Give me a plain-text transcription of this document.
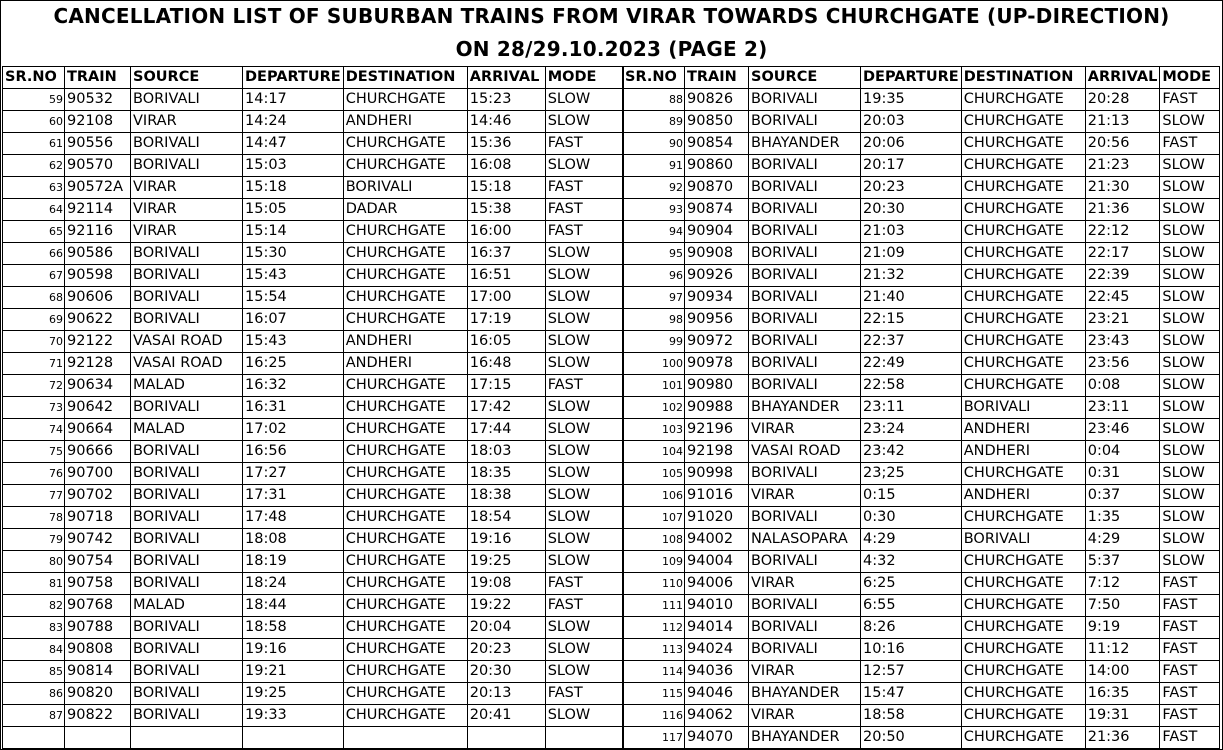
CANCELLATION LIST OF SUBURBAN TRAINS FROM VIRAR TOWARDS CHURCHGATE (UP-DIRECTION)
ON 28/29.10.2023 (PAGE 2)
SR.NO	TRAIN	SOURCE	DEPARTURE	DESTINATION	ARRIVAL	MODE
59	90532	BORIVALI	14:17	CHURCHGATE	15:23	SLOW
60	92108	VIRAR	14:24	ANDHERI	14:46	SLOW
61	90556	BORIVALI	14:47	CHURCHGATE	15:36	FAST
62	90570	BORIVALI	15:03	CHURCHGATE	16:08	SLOW
63	90572A	VIRAR	15:18	BORIVALI	15:18	FAST
64	92114	VIRAR	15:05	DADAR	15:38	FAST
65	92116	VIRAR	15:14	CHURCHGATE	16:00	FAST
66	90586	BORIVALI	15:30	CHURCHGATE	16:37	SLOW
67	90598	BORIVALI	15:43	CHURCHGATE	16:51	SLOW
68	90606	BORIVALI	15:54	CHURCHGATE	17:00	SLOW
69	90622	BORIVALI	16:07	CHURCHGATE	17:19	SLOW
70	92122	VASAI ROAD	15:43	ANDHERI	16:05	SLOW
71	92128	VASAI ROAD	16:25	ANDHERI	16:48	SLOW
72	90634	MALAD	16:32	CHURCHGATE	17:15	FAST
73	90642	BORIVALI	16:31	CHURCHGATE	17:42	SLOW
74	90664	MALAD	17:02	CHURCHGATE	17:44	SLOW
75	90666	BORIVALI	16:56	CHURCHGATE	18:03	SLOW
76	90700	BORIVALI	17:27	CHURCHGATE	18:35	SLOW
77	90702	BORIVALI	17:31	CHURCHGATE	18:38	SLOW
78	90718	BORIVALI	17:48	CHURCHGATE	18:54	SLOW
79	90742	BORIVALI	18:08	CHURCHGATE	19:16	SLOW
80	90754	BORIVALI	18:19	CHURCHGATE	19:25	SLOW
81	90758	BORIVALI	18:24	CHURCHGATE	19:08	FAST
82	90768	MALAD	18:44	CHURCHGATE	19:22	FAST
83	90788	BORIVALI	18:58	CHURCHGATE	20:04	SLOW
84	90808	BORIVALI	19:16	CHURCHGATE	20:23	SLOW
85	90814	BORIVALI	19:21	CHURCHGATE	20:30	SLOW
86	90820	BORIVALI	19:25	CHURCHGATE	20:13	FAST
87	90822	BORIVALI	19:33	CHURCHGATE	20:41	SLOW

SR.NO	TRAIN	SOURCE	DEPARTURE	DESTINATION	ARRIVAL	MODE
88	90826	BORIVALI	19:35	CHURCHGATE	20:28	FAST
89	90850	BORIVALI	20:03	CHURCHGATE	21:13	SLOW
90	90854	BHAYANDER	20:06	CHURCHGATE	20:56	FAST
91	90860	BORIVALI	20:17	CHURCHGATE	21:23	SLOW
92	90870	BORIVALI	20:23	CHURCHGATE	21:30	SLOW
93	90874	BORIVALI	20:30	CHURCHGATE	21:36	SLOW
94	90904	BORIVALI	21:03	CHURCHGATE	22:12	SLOW
95	90908	BORIVALI	21:09	CHURCHGATE	22:17	SLOW
96	90926	BORIVALI	21:32	CHURCHGATE	22:39	SLOW
97	90934	BORIVALI	21:40	CHURCHGATE	22:45	SLOW
98	90956	BORIVALI	22:15	CHURCHGATE	23:21	SLOW
99	90972	BORIVALI	22:37	CHURCHGATE	23:43	SLOW
100	90978	BORIVALI	22:49	CHURCHGATE	23:56	SLOW
101	90980	BORIVALI	22:58	CHURCHGATE	0:08	SLOW
102	90988	BHAYANDER	23:11	BORIVALI	23:11	SLOW
103	92196	VIRAR	23:24	ANDHERI	23:46	SLOW
104	92198	VASAI ROAD	23:42	ANDHERI	0:04	SLOW
105	90998	BORIVALI	23;25	CHURCHGATE	0:31	SLOW
106	91016	VIRAR	0:15	ANDHERI	0:37	SLOW
107	91020	BORIVALI	0:30	CHURCHGATE	1:35	SLOW
108	94002	NALASOPARA	4:29	BORIVALI	4:29	SLOW
109	94004	BORIVALI	4:32	CHURCHGATE	5:37	SLOW
110	94006	VIRAR	6:25	CHURCHGATE	7:12	FAST
111	94010	BORIVALI	6:55	CHURCHGATE	7:50	FAST
112	94014	BORIVALI	8:26	CHURCHGATE	9:19	FAST
113	94024	BORIVALI	10:16	CHURCHGATE	11:12	FAST
114	94036	VIRAR	12:57	CHURCHGATE	14:00	FAST
115	94046	BHAYANDER	15:47	CHURCHGATE	16:35	FAST
116	94062	VIRAR	18:58	CHURCHGATE	19:31	FAST
117	94070	BHAYANDER	20:50	CHURCHGATE	21:36	FAST
